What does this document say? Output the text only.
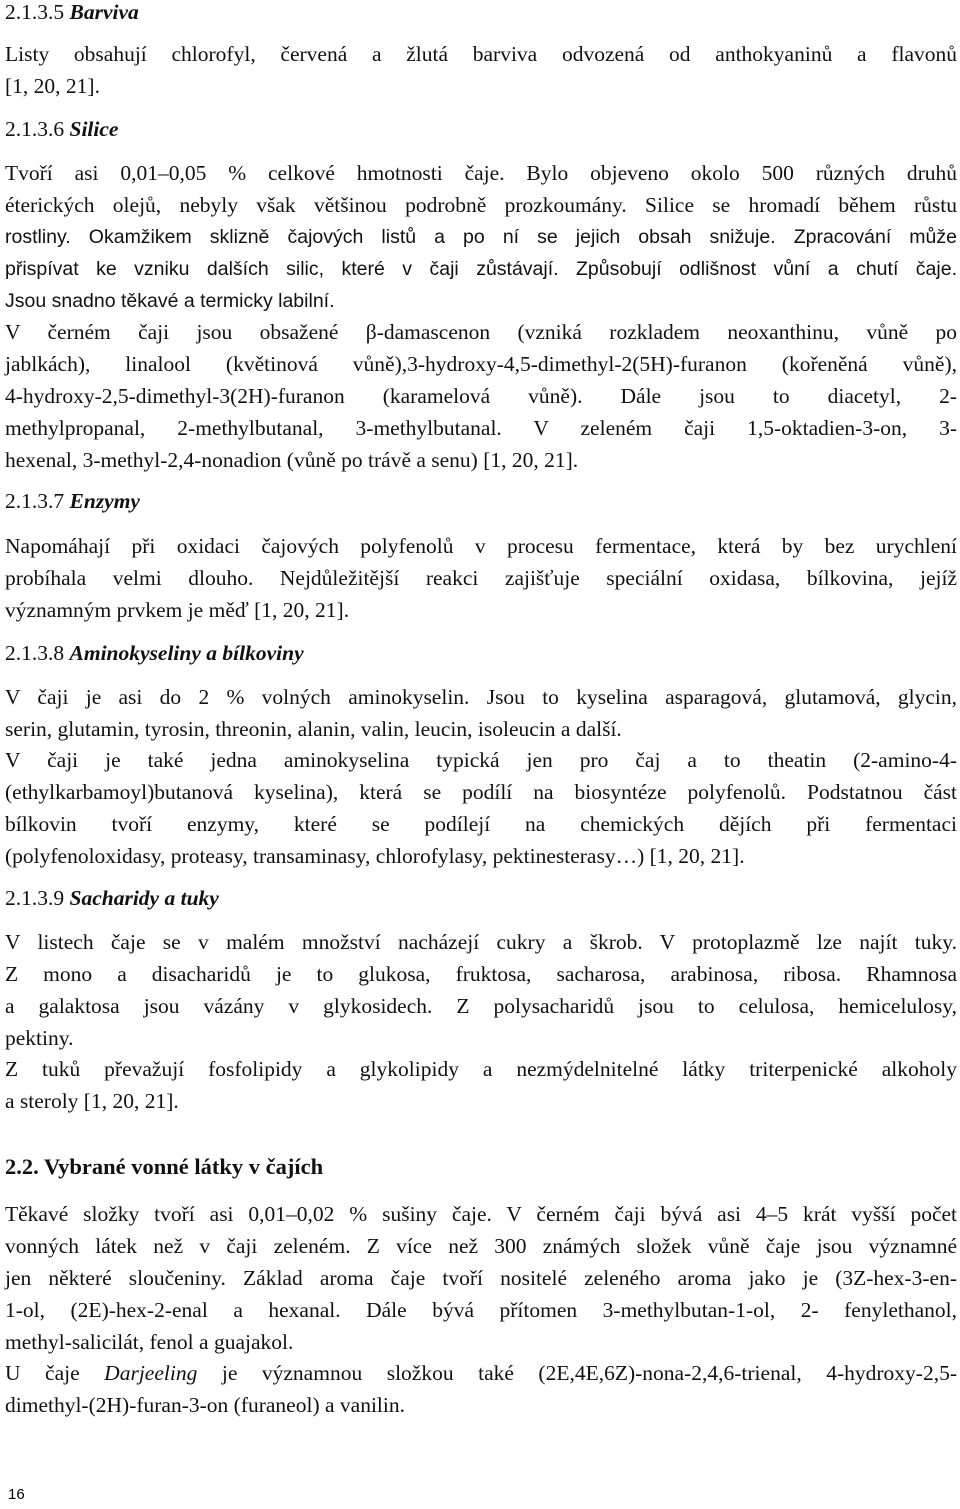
2.1.3.5 Barviva
Listy obsahují chlorofyl, červená a žlutá barviva odvozená od anthokyaninů a flavonů
[1, 20, 21].
2.1.3.6 Silice
Tvoří asi 0,01–0,05 % celkové hmotnosti čaje. Bylo objeveno okolo 500 různých druhů
éterických olejů, nebyly však většinou podrobně prozkoumány. Silice se hromadí během růstu
rostliny. Okamžikem sklizně čajových listů a po ní se jejich obsah snižuje. Zpracování může
přispívat ke vzniku dalších silic, které v čaji zůstávají. Způsobují odlišnost vůní a chutí čaje.
Jsou snadno těkavé a termicky labilní.
V černém čaji jsou obsažené β-damascenon (vzniká rozkladem neoxanthinu, vůně po
jablkách), linalool (květinová vůně),3-hydroxy-4,5-dimethyl-2(5H)-furanon (kořeněná vůně),
4-hydroxy-2,5-dimethyl-3(2H)-furanon (karamelová vůně). Dále jsou to diacetyl, 2-
methylpropanal, 2-methylbutanal, 3-methylbutanal. V zeleném čaji 1,5-oktadien-3-on, 3-
hexenal, 3-methyl-2,4-nonadion (vůně po trávě a senu) [1, 20, 21].
2.1.3.7 Enzymy
Napomáhají při oxidaci čajových polyfenolů v procesu fermentace, která by bez urychlení
probíhala velmi dlouho. Nejdůležitější reakci zajišťuje speciální oxidasa, bílkovina, jejíž
významným prvkem je měď [1, 20, 21].
2.1.3.8 Aminokyseliny a bílkoviny
V čaji je asi do 2 % volných aminokyselin. Jsou to kyselina asparagová, glutamová, glycin,
serin, glutamin, tyrosin, threonin, alanin, valin, leucin, isoleucin a další.
V čaji je také jedna aminokyselina typická jen pro čaj a to theatin (2-amino-4-
(ethylkarbamoyl)butanová kyselina), která se podílí na biosyntéze polyfenolů. Podstatnou část
bílkovin tvoří enzymy, které se podílejí na chemických dějích při fermentaci
(polyfenoloxidasy, proteasy, transaminasy, chlorofylasy, pektinesterasy…) [1, 20, 21].
2.1.3.9 Sacharidy a tuky
V listech čaje se v malém množství nacházejí cukry a škrob. V protoplazmě lze najít tuky.
Z mono a disacharidů je to glukosa, fruktosa, sacharosa, arabinosa, ribosa. Rhamnosa
a galaktosa jsou vázány v glykosidech. Z polysacharidů jsou to celulosa, hemicelulosy,
pektiny.
Z tuků převažují fosfolipidy a glykolipidy a nezmýdelnitelné látky triterpenické alkoholy
a steroly [1, 20, 21].
2.2. Vybrané vonné látky v čajích
Těkavé složky tvoří asi 0,01–0,02 % sušiny čaje. V černém čaji bývá asi 4–5 krát vyšší počet
vonných látek než v čaji zeleném. Z více než 300 známých složek vůně čaje jsou významné
jen některé sloučeniny. Základ aroma čaje tvoří nositelé zeleného aroma jako je (3Z-hex-3-en-
1-ol, (2E)-hex-2-enal a hexanal. Dále bývá přítomen 3-methylbutan-1-ol, 2- fenylethanol,
methyl-salicilát, fenol a guajakol.
U čaje Darjeeling je významnou složkou také (2E,4E,6Z)-nona-2,4,6-trienal, 4-hydroxy-2,5-
dimethyl-(2H)-furan-3-on (furaneol) a vanilin.
16
